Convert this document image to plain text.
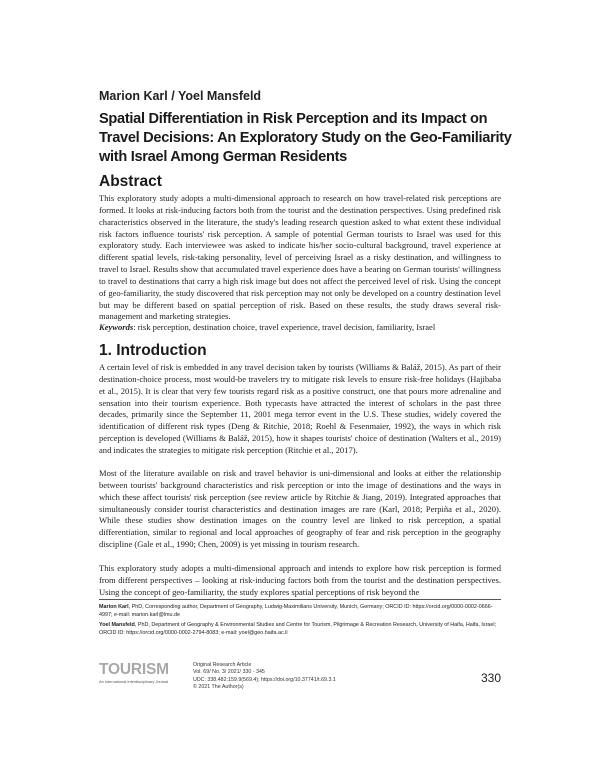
Marion Karl / Yoel Mansfeld
Spatial Differentiation in Risk Perception and its Impact on Travel Decisions: An Exploratory Study on the Geo-Familiarity with Israel Among German Residents
Abstract

This exploratory study adopts a multi-dimensional approach to research on how travel-related risk perceptions are formed. It looks at risk-inducing factors both from the tourist and the destination perspectives. Using predefined risk characteristics observed in the literature, the study's leading research question asked to what extent these individual risk factors influence tourists' risk perception. A sample of potential German tourists to Israel was used for this exploratory study. Each interviewee was asked to indicate his/her socio-cultural background, travel experience at different spatial levels, risk-taking personality, level of perceiving Israel as a risky destination, and willingness to travel to Israel. Results show that accumulated travel experience does have a bearing on German tourists' willingness to travel to destinations that carry a high risk image but does not affect the perceived level of risk. Using the concept of geo-familiarity, the study discovered that risk perception may not only be developed on a country destination level but may be different based on spatial perception of risk. Based on these results, the study draws several risk-management and marketing strategies.

Keywords: risk perception, destination choice, travel experience, travel decision, familiarity, Israel

1. Introduction

A certain level of risk is embedded in any travel decision taken by tourists (Williams & Baláž, 2015). As part of their destination-choice process, most would-be travelers try to mitigate risk levels to ensure risk-free holidays (Hajibaba et al., 2015). It is clear that very few tourists regard risk as a positive construct, one that pours more adrenaline and sensation into their tourism experience. Both typecasts have attracted the interest of scholars in the past three decades, primarily since the September 11, 2001 mega terror event in the U.S. These studies, widely covered the identification of different risk types (Deng & Ritchie, 2018; Roehl & Fesenmaier, 1992), the ways in which risk perception is developed (Williams & Baláž, 2015), how it shapes tourists' choice of destination (Walters et al., 2019) and indicates the strategies to mitigate risk perception (Ritchie et al., 2017).

Most of the literature available on risk and travel behavior is uni-dimensional and looks at either the relationship between tourists' background characteristics and risk perception or into the image of destinations and the ways in which these affect tourists' risk perception (see review article by Ritchie & Jiang, 2019). Integrated approaches that simultaneously consider tourist characteristics and destination images are rare (Karl, 2018; Perpiña et al., 2020). While these studies show destination images on the country level are linked to risk perception, a spatial differentiation, similar to regional and local approaches of geography of fear and risk perception in the geography discipline (Gale et al., 1990; Chen, 2009) is yet missing in tourism research.

This exploratory study adopts a multi-dimensional approach and intends to explore how risk perception is formed from different perspectives – looking at risk-inducing factors both from the tourist and the destination perspectives. Using the concept of geo-familiarity, the study explores spatial perceptions of risk beyond the

Marion Karl, PhD, Corresponding author, Department of Geography, Ludwig-Maximilians University, Munich, Germany; ORCID ID: https://orcid.org/0000-0002-0666-4997; e-mail: marion.karl@lmu.de

Yoel Mansfeld, PhD, Department of Geography & Environmental Studies and Centre for Tourism, Pilgrimage & Recreation Research, University of Haifa, Haifa, Israel; ORCID ID: https://orcid.org/0000-0002-2794-8083; e-mail: yoel@geo.haifa.ac.il

TOURISM
An International Interdisciplinary Journal
Original Research Article
Vol. 69/ No. 3/ 2021/ 330 - 345
UDC: 338.482:159.9(569.4); https://doi.org/10.37741/t.69.3.1
© 2021 The Author(s)
330
